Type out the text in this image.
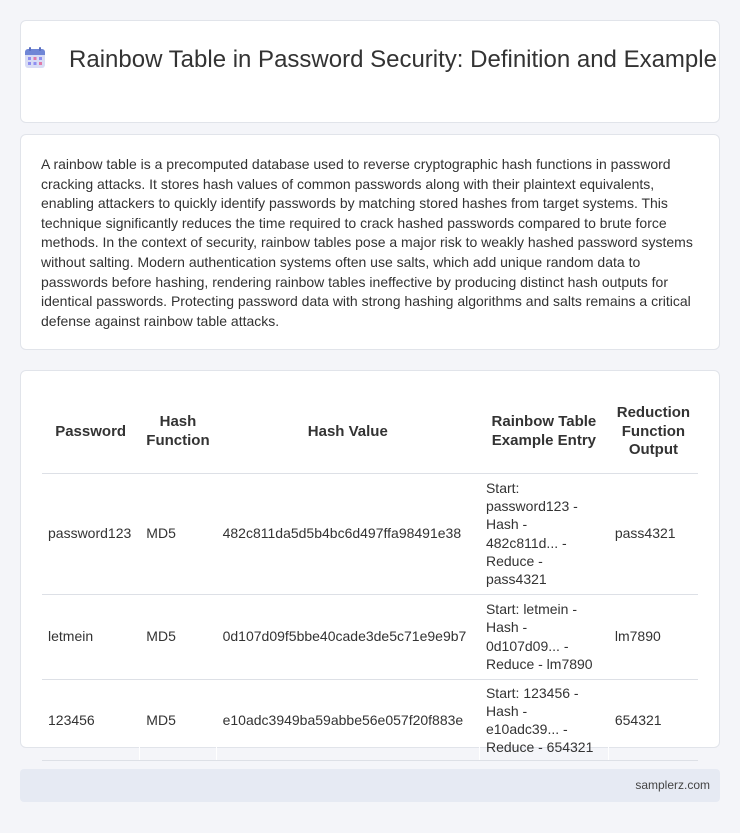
Rainbow Table in Password Security: Definition and Example

A rainbow table is a precomputed database used to reverse cryptographic hash functions in password cracking attacks. It stores hash values of common passwords along with their plaintext equivalents, enabling attackers to quickly identify passwords by matching stored hashes from target systems. This technique significantly reduces the time required to crack hashed passwords compared to brute force methods. In the context of security, rainbow tables pose a major risk to weakly hashed password systems without salting. Modern authentication systems often use salts, which add unique random data to passwords before hashing, rendering rainbow tables ineffective by producing distinct hash outputs for identical passwords. Protecting password data with strong hashing algorithms and salts remains a critical defense against rainbow table attacks.

Password	Hash Function	Hash Value	Rainbow Table Example Entry	Reduction Function Output
password123	MD5	482c811da5d5b4bc6d497ffa98491e38	Start: password123 - Hash - 482c811d... - Reduce - pass4321	pass4321
letmein	MD5	0d107d09f5bbe40cade3de5c71e9e9b7	Start: letmein - Hash - 0d107d09... - Reduce - lm7890	lm7890
123456	MD5	e10adc3949ba59abbe56e057f20f883e	Start: 123456 - Hash - e10adc39... - Reduce - 654321	654321
samplerz.com
